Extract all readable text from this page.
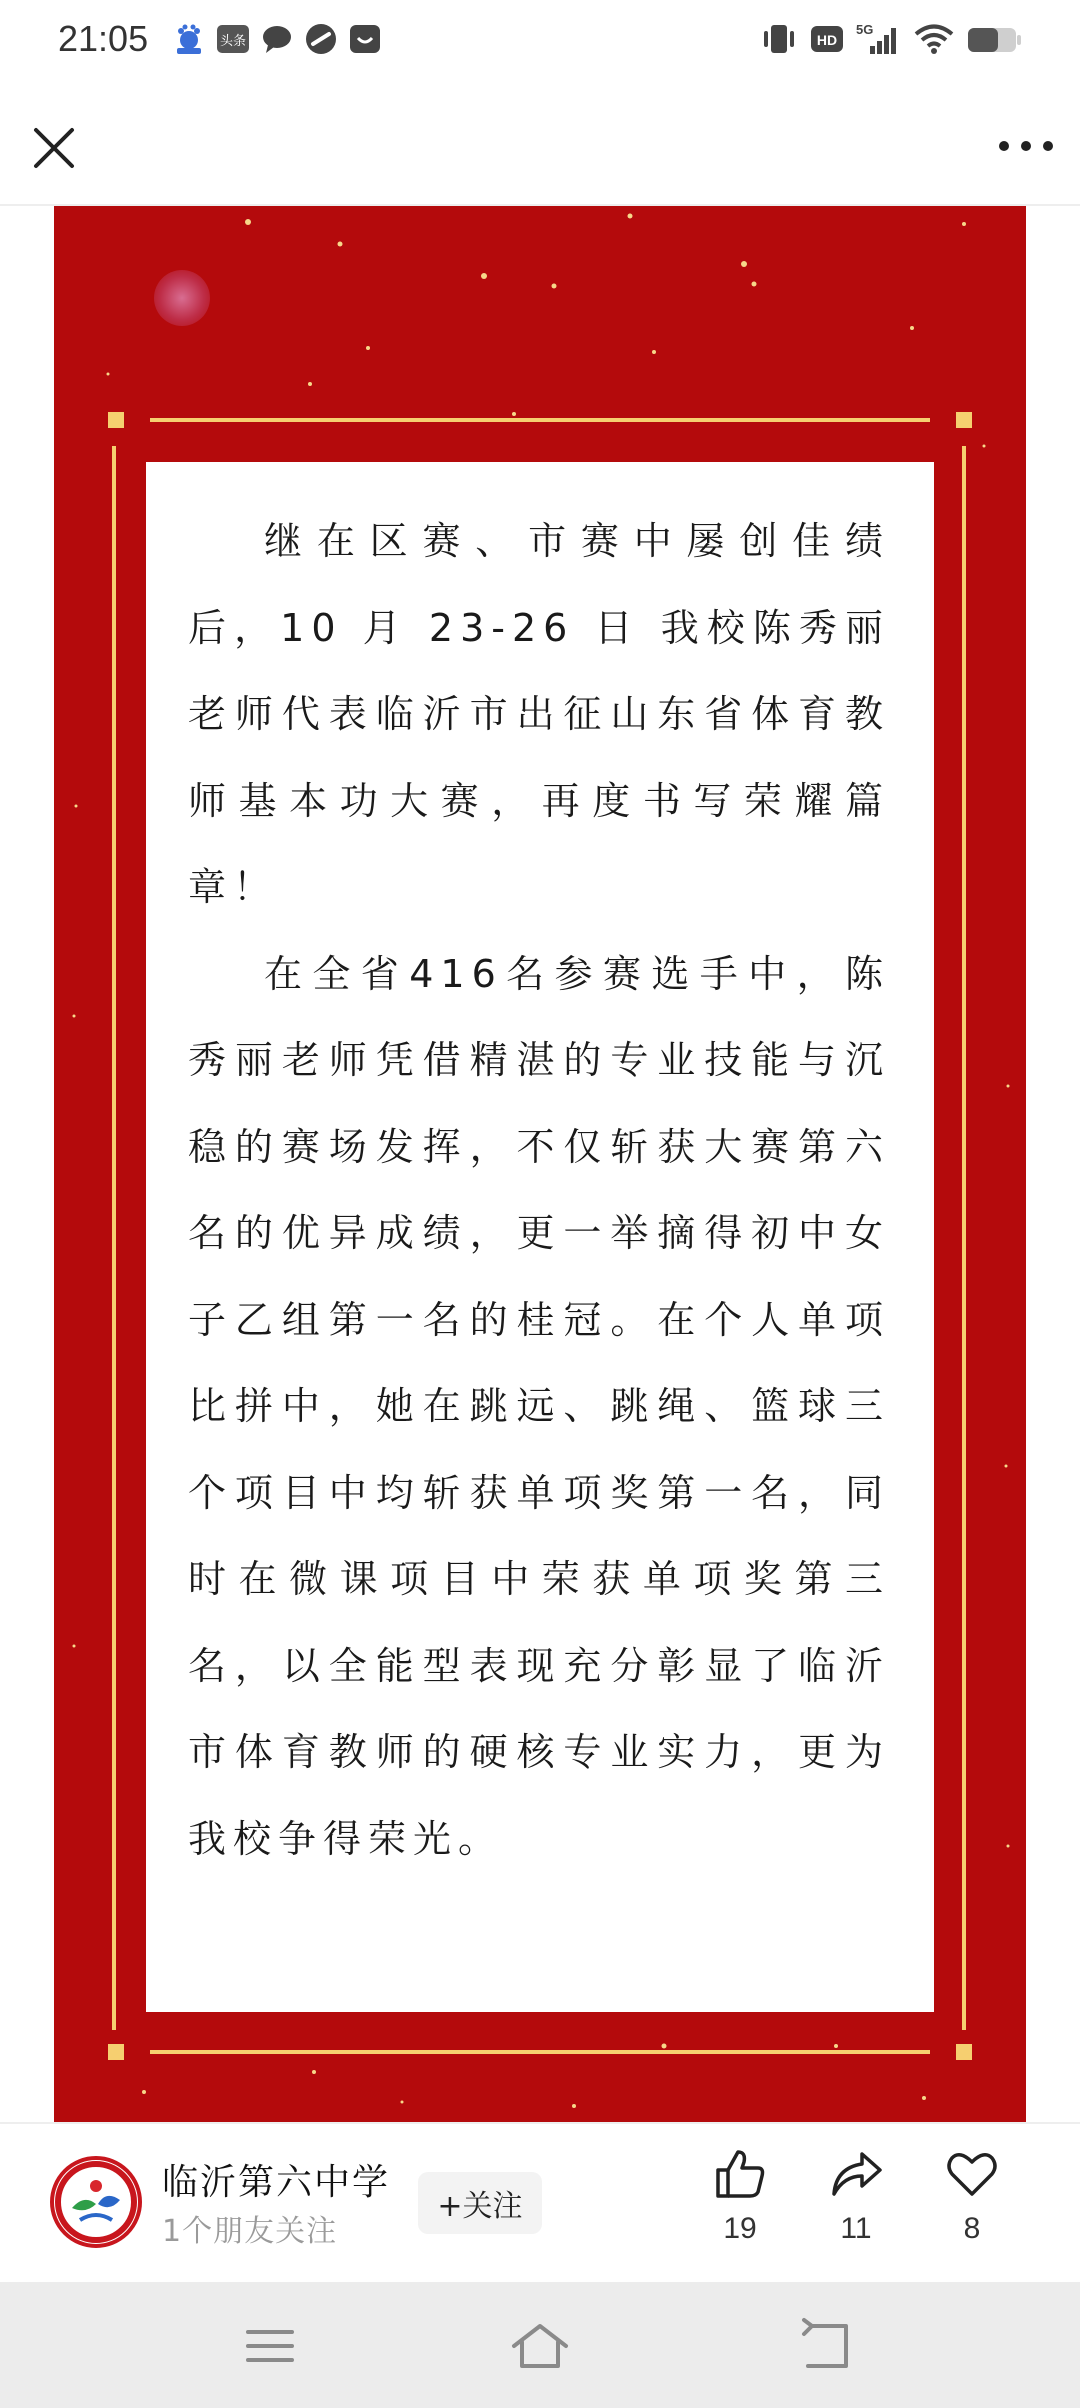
21:05	头条	HD
5G

继在区赛、市赛中屡创佳绩后，10 月 23-26 日 我校陈秀丽老师代表临沂市出征山东省体育教师基本功大赛，再度书写荣耀篇章！

在全省416名参赛选手中，陈秀丽老师凭借精湛的专业技能与沉稳的赛场发挥，不仅斩获大赛第六名的优异成绩，更一举摘得初中女子乙组第一名的桂冠。在个人单项比拼中，她在跳远、跳绳、篮球三个项目中均斩获单项奖第一名，同时在微课项目中荣获单项奖第三名，以全能型表现充分彰显了临沂市体育教师的硬核专业实力，更为我校争得荣光。

临沂第六中学
1个朋友关注
+关注
19	11	8
